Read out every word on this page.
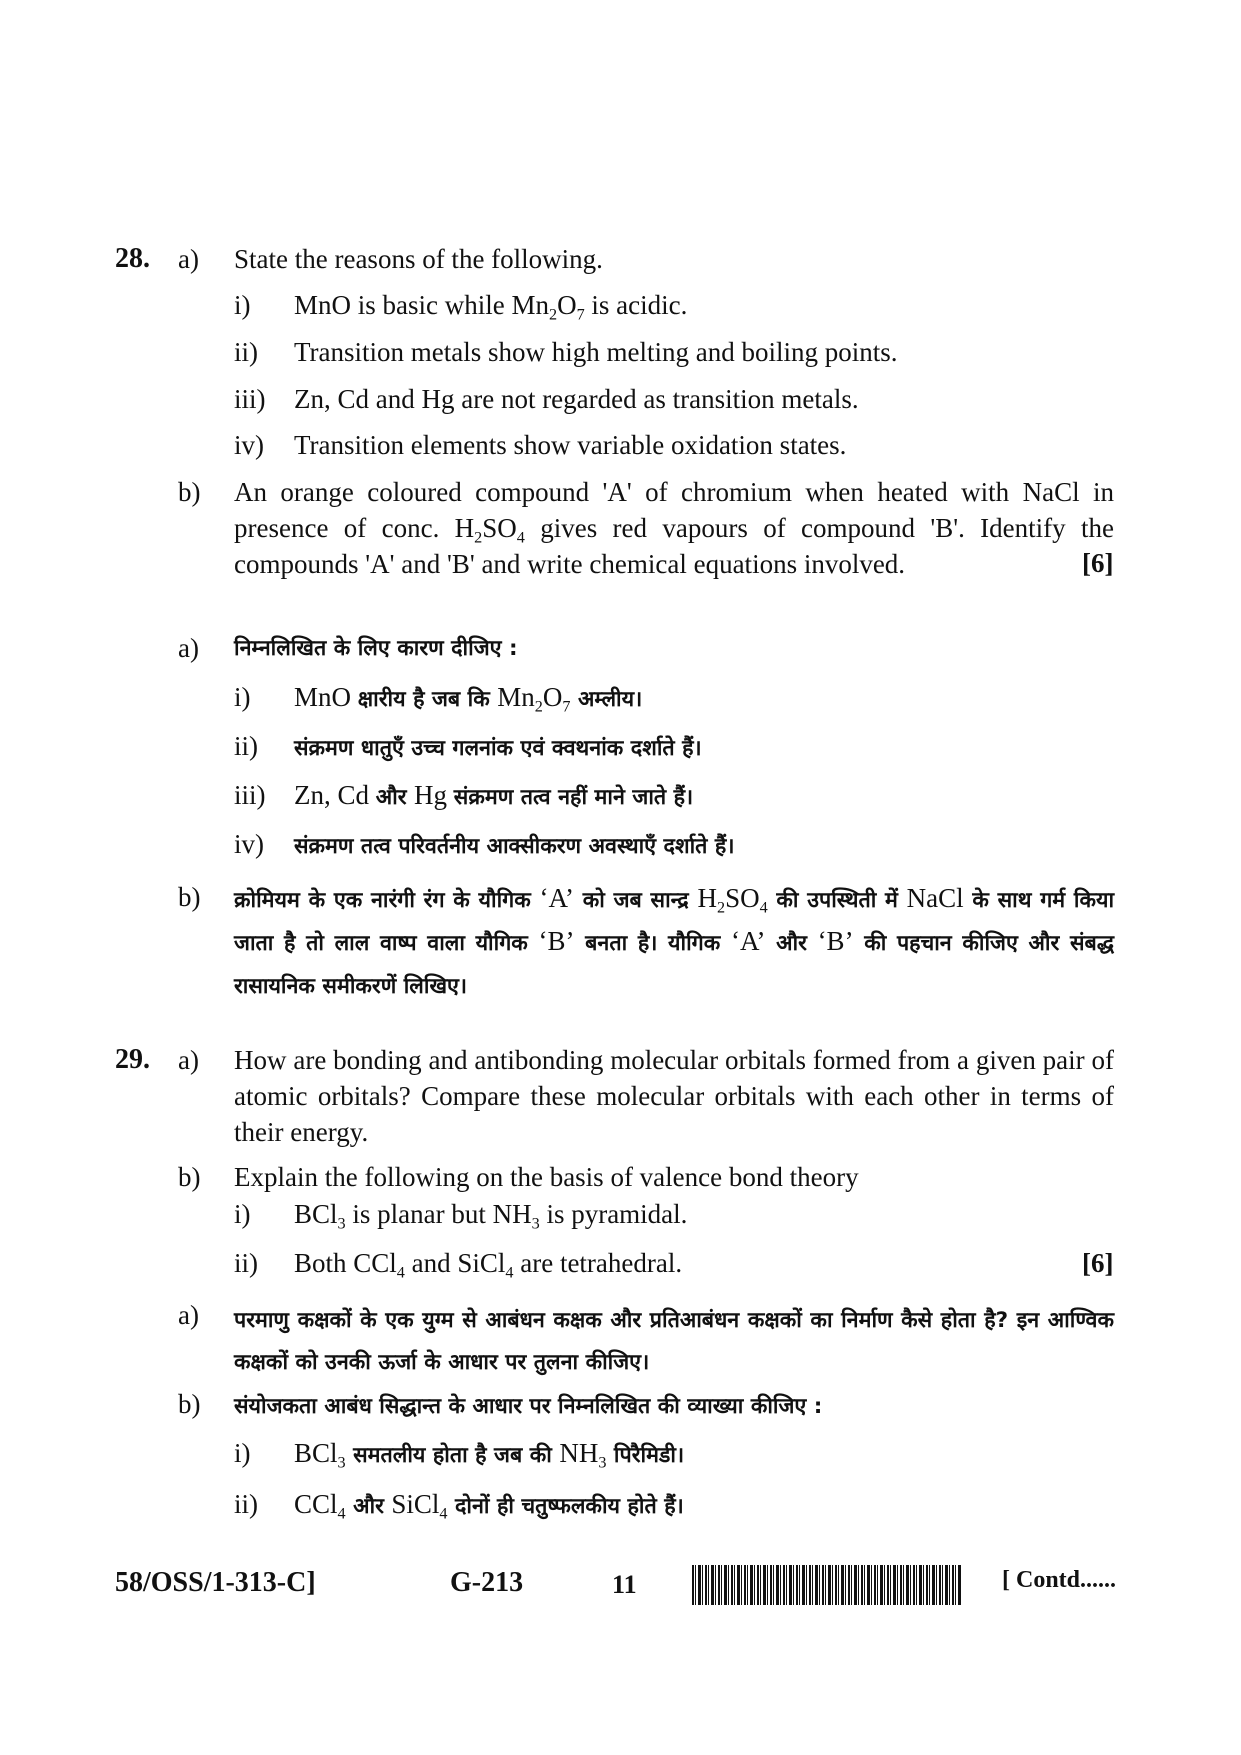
28. a) State the reasons of the following.
i) MnO is basic while $Mn_2O_7$ is acidic.
ii) Transition metals show high melting and boiling points.
iii) Zn, Cd and Hg are not regarded as transition metals.
iv) Transition elements show variable oxidation states.
b) An orange coloured compound 'A' of chromium when heated with NaCl in presence of conc. $H_2SO_4$ gives red vapours of compound 'B'. Identify the compounds 'A' and 'B' and write chemical equations involved.	[6]
a) निम्नलिखित के लिए कारण दीजिए :
i) MnO क्षारीय है जब कि $Mn_2O_7$ अम्लीय।
ii) संक्रमण धातुएँ उच्च गलनांक एवं क्वथनांक दर्शाते हैं।
iii) Zn, Cd और Hg संक्रमण तत्व नहीं माने जाते हैं।
iv) संक्रमण तत्व परिवर्तनीय आक्सीकरण अवस्थाएँ दर्शाते हैं।
b) क्रोमियम के एक नारंगी रंग के यौगिक ‘A’ को जब सान्द्र $H_2SO_4$ की उपस्थिती में NaCl के साथ गर्म किया जाता है तो लाल वाष्प वाला यौगिक ‘B’ बनता है। यौगिक ‘A’ और ‘B’ की पहचान कीजिए और संबद्ध रासायनिक समीकरणें लिखिए।
29. a) How are bonding and antibonding molecular orbitals formed from a given pair of atomic orbitals? Compare these molecular orbitals with each other in terms of their energy.
b) Explain the following on the basis of valence bond theory
i) BCl$_3$ is planar but $NH_3$ is pyramidal.
ii) Both CCl$_4$ and SiCl$_4$ are tetrahedral.	[6]
a) परमाणु कक्षकों के एक युग्म से आबंधन कक्षक और प्रतिआबंधन कक्षकों का निर्माण कैसे होता है? इन आण्विक कक्षकों को उनकी ऊर्जा के आधार पर तुलना कीजिए।
b) संयोजकता आबंध सिद्धान्त के आधार पर निम्नलिखित की व्याख्या कीजिए :
i) BCl$_3$ समतलीय होता है जब की $NH_3$ पिरैमिडी।
ii) CCl$_4$ और SiCl$_4$ दोनों ही चतुष्फलकीय होते हैं।
58/OSS/1-313-C]	G-213	11	[ Contd......
